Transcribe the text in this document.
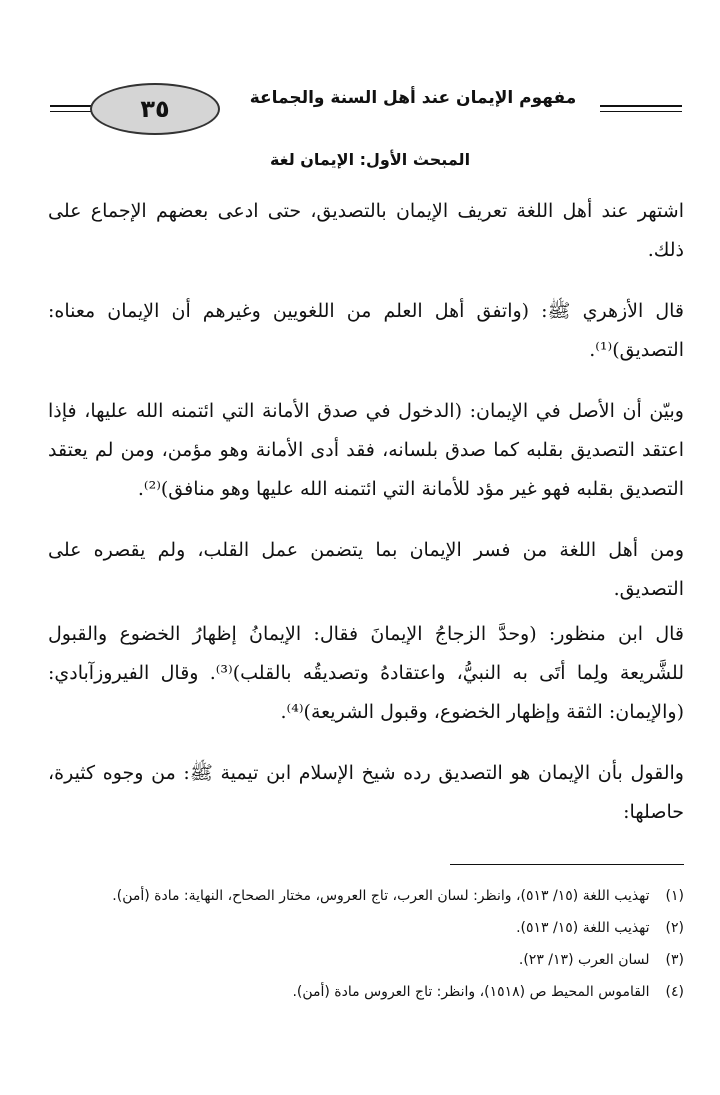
٣٥	مفهوم الإيمان عند أهل السنة والجماعة
المبحث الأول: الإيمان لغة

اشتهر عند أهل اللغة تعريف الإيمان بالتصديق، حتى ادعى بعضهم الإجماع على ذلك.

قال الأزهري ﷺ: (واتفق أهل العلم من اللغويين وغيرهم أن الإيمان معناه: التصديق)⁽¹⁾.

وبيّن أن الأصل في الإيمان: (الدخول في صدق الأمانة التي ائتمنه الله عليها، فإذا اعتقد التصديق بقلبه كما صدق بلسانه، فقد أدى الأمانة وهو مؤمن، ومن لم يعتقد التصديق بقلبه فهو غير مؤد للأمانة التي ائتمنه الله عليها وهو منافق)⁽²⁾.

ومن أهل اللغة من فسر الإيمان بما يتضمن عمل القلب، ولم يقصره على التصديق.

قال ابن منظور: (وحدَّ الزجاجُ الإيمانَ فقال: الإيمانُ إظهارُ الخضوع والقبول للشَّريعة ولِما أتَى به النبيُّ، واعتقادهُ وتصديقُه بالقلب)⁽³⁾. وقال الفيروزآبادي: (والإيمان: الثقة وإظهار الخضوع، وقبول الشريعة)⁽⁴⁾.

والقول بأن الإيمان هو التصديق رده شيخ الإسلام ابن تيمية ﷺ: من وجوه كثيرة، حاصلها:

(١) تهذيب اللغة (١٥/ ٥١٣)، وانظر: لسان العرب، تاج العروس، مختار الصحاح، النهاية: مادة (أمن).
(٢) تهذيب اللغة (١٥/ ٥١٣).
(٣) لسان العرب (١٣/ ٢٣).
(٤) القاموس المحيط ص (١٥١٨)، وانظر: تاج العروس مادة (أمن).
